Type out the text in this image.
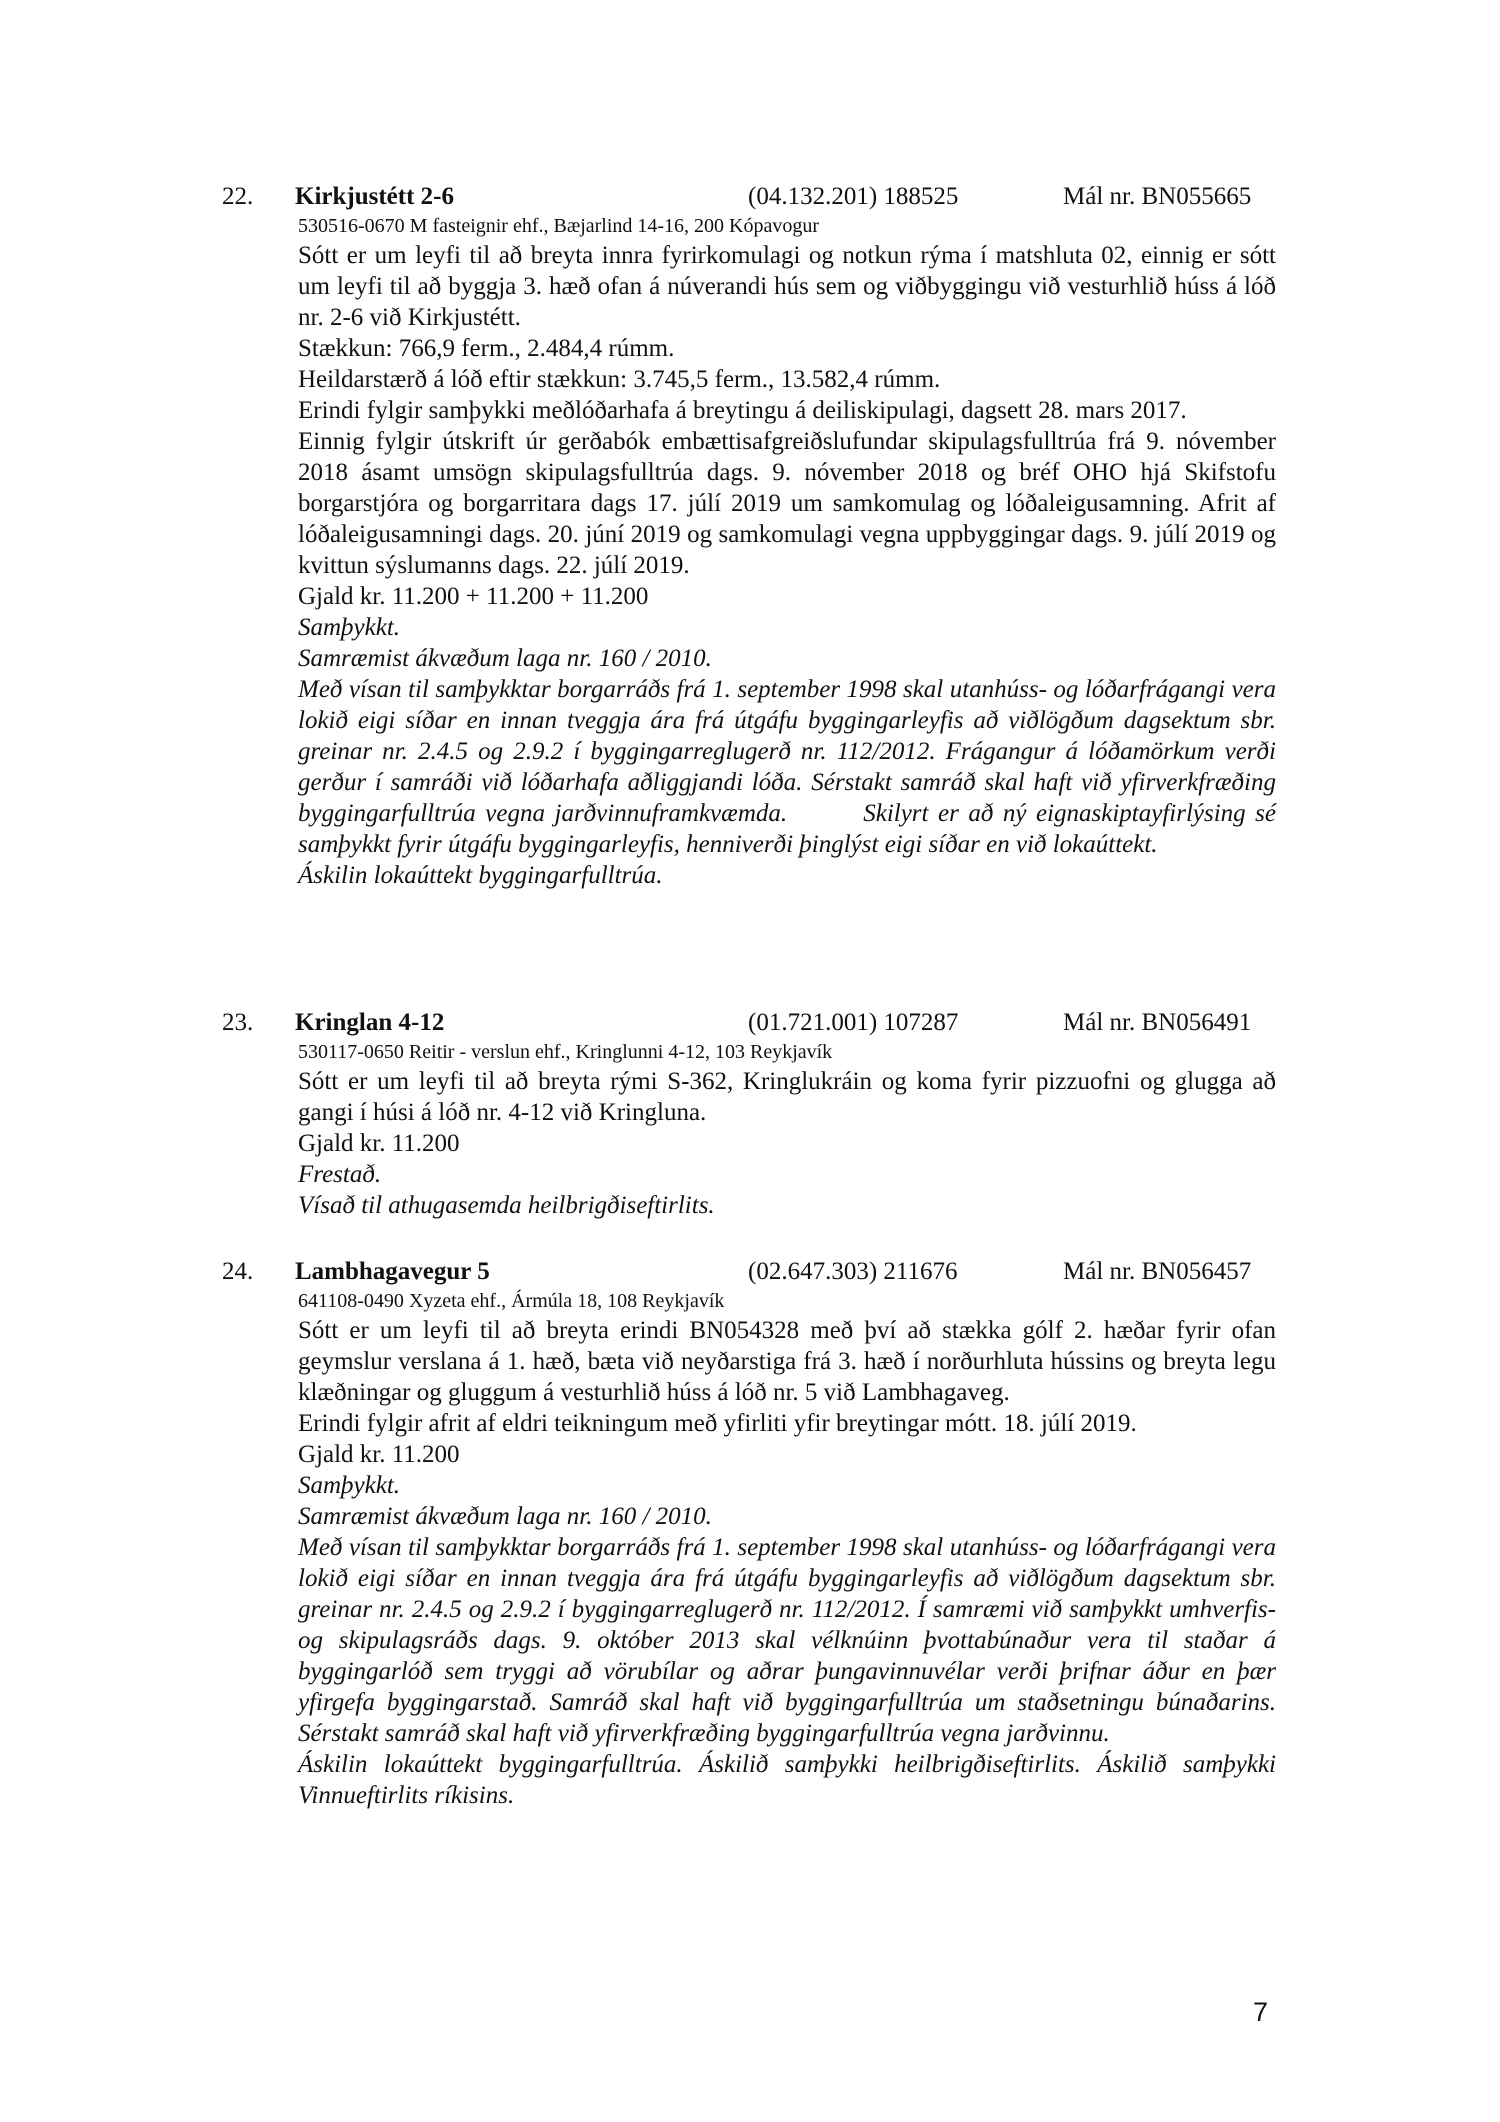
22. Kirkjustétt 2-6	(04.132.201) 188525	Mál nr. BN055665
530516-0670 M fasteignir ehf., Bæjarlind 14-16, 200 Kópavogur

Sótt er um leyfi til að breyta innra fyrirkomulagi og notkun rýma í matshluta 02, einnig er sótt um leyfi til að byggja 3. hæð ofan á núverandi hús sem og viðbyggingu við vesturhlið húss á lóð nr. 2-6 við Kirkjustétt.

Stækkun: 766,9 ferm., 2.484,4 rúmm.

Heildarstærð á lóð eftir stækkun: 3.745,5 ferm., 13.582,4 rúmm.

Erindi fylgir samþykki meðlóðarhafa á breytingu á deiliskipulagi, dagsett 28. mars 2017.

Einnig fylgir útskrift úr gerðabók embættisafgreiðslufundar skipulagsfulltrúa frá 9. nóvember 2018 ásamt umsögn skipulagsfulltrúa dags. 9. nóvember 2018 og bréf OHO hjá Skifstofu borgarstjóra og borgarritara dags 17. júlí 2019 um samkomulag og lóðaleigusamning. Afrit af lóðaleigusamningi dags. 20. júní 2019 og samkomulagi vegna uppbyggingar dags. 9. júlí 2019 og kvittun sýslumanns dags. 22. júlí 2019.

Gjald kr. 11.200 + 11.200 + 11.200

Samþykkt.

Samræmist ákvæðum laga nr. 160 / 2010.

Með vísan til samþykktar borgarráðs frá 1. september 1998 skal utanhúss- og lóðarfrágangi vera lokið eigi síðar en innan tveggja ára frá útgáfu byggingarleyfis að viðlögðum dagsektum sbr. greinar nr. 2.4.5 og 2.9.2 í byggingarreglugerð nr. 112/2012. Frágangur á lóðamörkum verði gerður í samráði við lóðarhafa aðliggjandi lóða. Sérstakt samráð skal haft við yfirverkfræðing byggingarfulltrúa vegna jarðvinnuframkvæmda.        Skilyrt er að ný eignaskiptayfirlýsing sé samþykkt fyrir útgáfu byggingarleyfis, henniverði þinglýst eigi síðar en við lokaúttekt.

Áskilin lokaúttekt byggingarfulltrúa.

23. Kringlan 4-12	(01.721.001) 107287	Mál nr. BN056491
530117-0650 Reitir - verslun ehf., Kringlunni 4-12, 103 Reykjavík

Sótt er um leyfi til að breyta rými S-362, Kringlukráin og koma fyrir pizzuofni og glugga að gangi í húsi á lóð nr. 4-12 við Kringluna.

Gjald kr. 11.200

Frestað.

Vísað til athugasemda heilbrigðiseftirlits.

24. Lambhagavegur 5	(02.647.303) 211676	Mál nr. BN056457
641108-0490 Xyzeta ehf., Ármúla 18, 108 Reykjavík

Sótt er um leyfi til að breyta erindi BN054328 með því að stækka gólf 2. hæðar fyrir ofan geymslur verslana á 1. hæð, bæta við neyðarstiga frá 3. hæð í norðurhluta hússins og breyta legu klæðningar og gluggum á vesturhlið húss á lóð nr. 5 við Lambhagaveg.

Erindi fylgir afrit af eldri teikningum með yfirliti yfir breytingar mótt. 18. júlí 2019.

Gjald kr. 11.200

Samþykkt.

Samræmist ákvæðum laga nr. 160 / 2010.

Með vísan til samþykktar borgarráðs frá 1. september 1998 skal utanhúss- og lóðarfrágangi vera lokið eigi síðar en innan tveggja ára frá útgáfu byggingarleyfis að viðlögðum dagsektum sbr. greinar nr. 2.4.5 og 2.9.2 í byggingarreglugerð nr. 112/2012. Í samræmi við samþykkt umhverfis- og skipulagsráðs dags. 9. október 2013 skal vélknúinn þvottabúnaður vera til staðar á byggingarlóð sem tryggi að vörubílar og aðrar þungavinnuvélar verði þrifnar áður en þær yfirgefa byggingarstað. Samráð skal haft við byggingarfulltrúa um staðsetningu búnaðarins. Sérstakt samráð skal haft við yfirverkfræðing byggingarfulltrúa vegna jarðvinnu.

Áskilin lokaúttekt byggingarfulltrúa. Áskilið samþykki heilbrigðiseftirlits. Áskilið samþykki Vinnueftirlits ríkisins.

7
